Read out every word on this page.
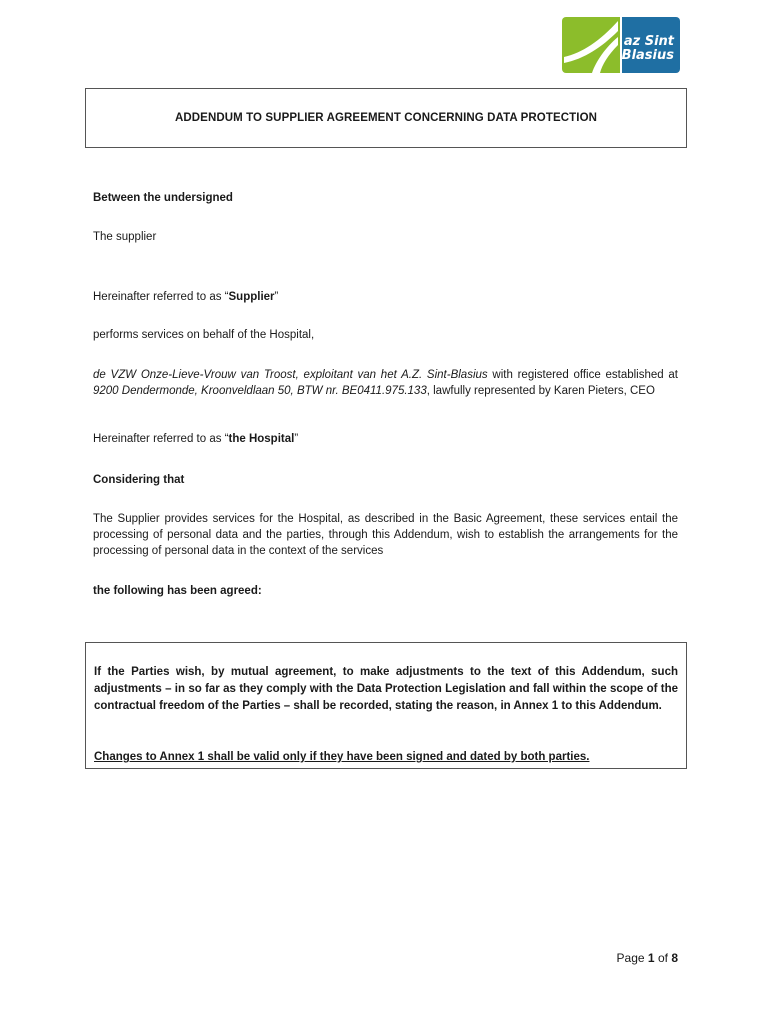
az Sint
Blasius
ADDENDUM TO SUPPLIER AGREEMENT CONCERNING DATA PROTECTION
Between the undersigned
The supplier
Hereinafter referred to as “Supplier”
performs services on behalf of the Hospital,
de VZW Onze-Lieve-Vrouw van Troost, exploitant van het A.Z. Sint-Blasius with registered office established at 9200 Dendermonde, Kroonveldlaan 50, BTW nr. BE0411.975.133, lawfully represented by Karen Pieters, CEO
Hereinafter referred to as “the Hospital”
Considering that
The Supplier provides services for the Hospital, as described in the Basic Agreement, these services entail the processing of personal data and the parties, through this Addendum, wish to establish the arrangements for the processing of personal data in the context of the services
the following has been agreed:
If the Parties wish, by mutual agreement, to make adjustments to the text of this Addendum, such adjustments – in so far as they comply with the Data Protection Legislation and fall within the scope of the contractual freedom of the Parties – shall be recorded, stating the reason, in Annex 1 to this Addendum.
Changes to Annex 1 shall be valid only if they have been signed and dated by both parties.
Page 1 of 8
